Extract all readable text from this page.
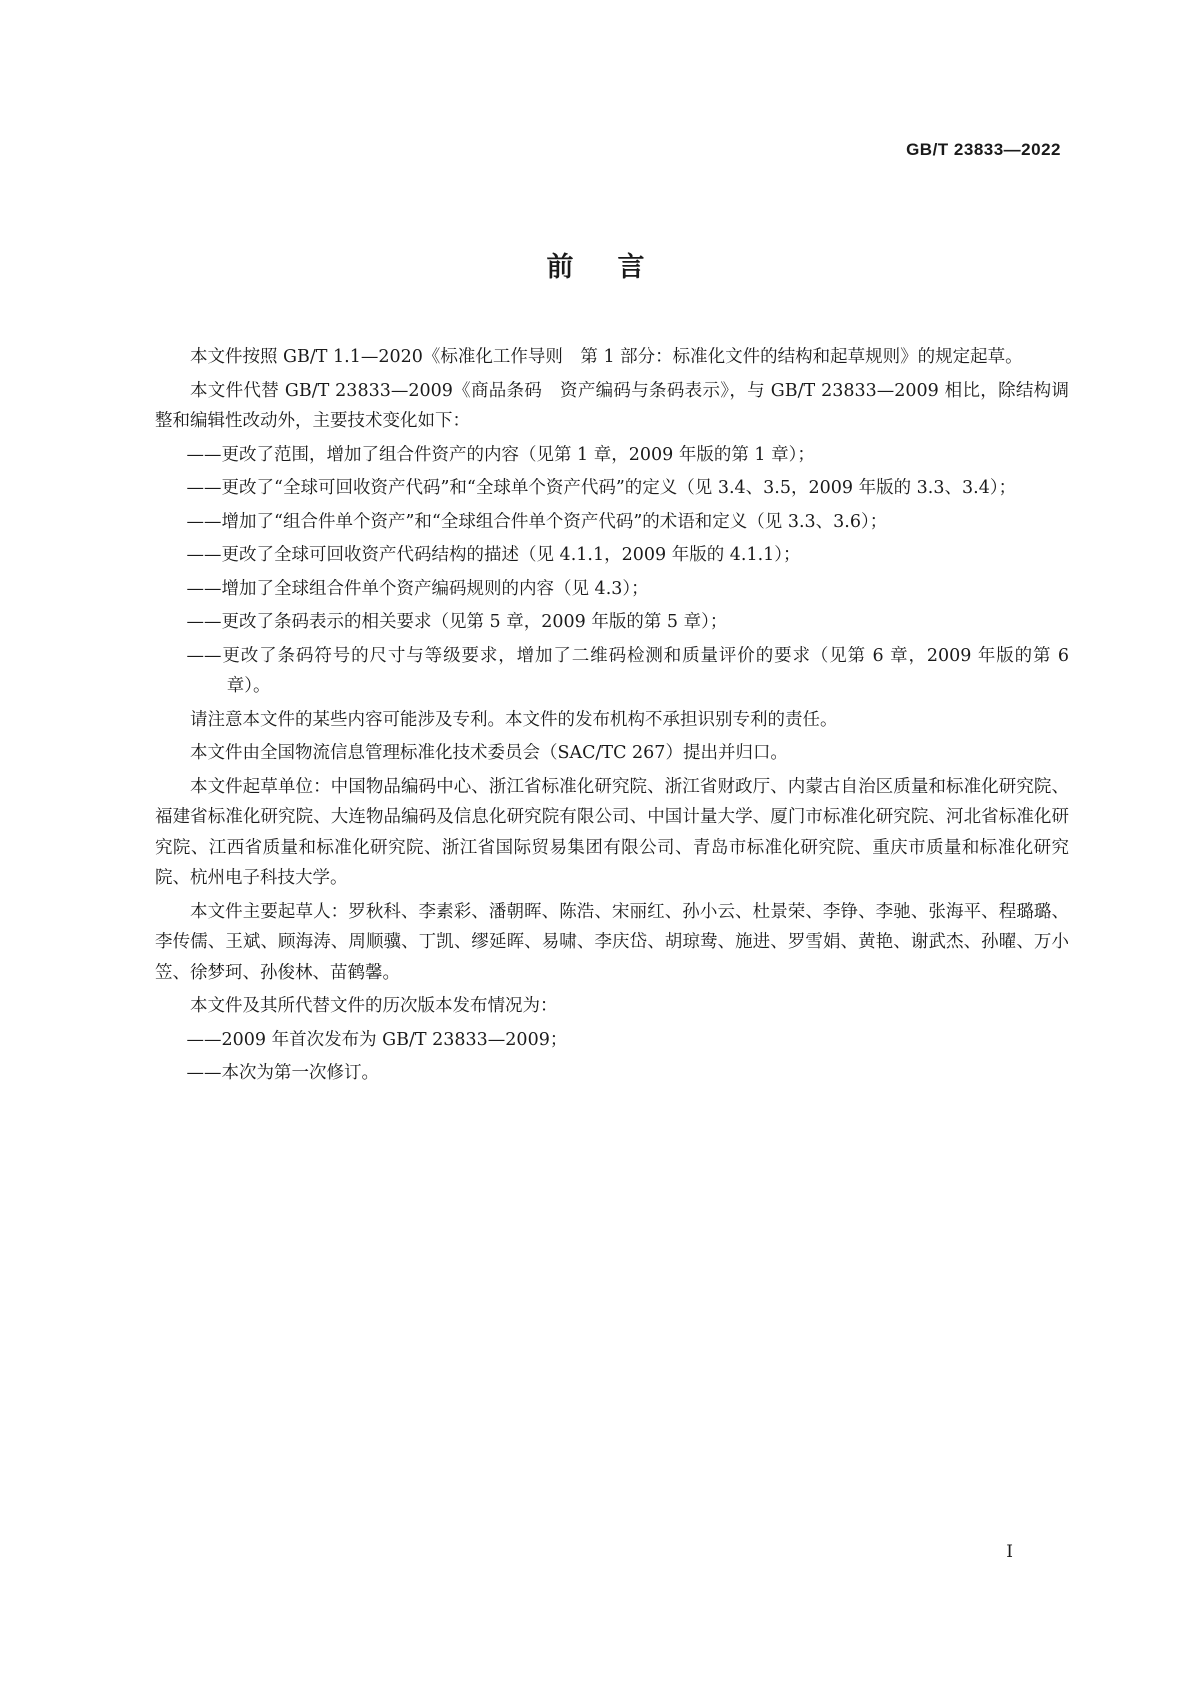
GB/T 23833—2022
前言

本文件按照 GB/T 1.1—2020《标准化工作导则　第 1 部分：标准化文件的结构和起草规则》的规定起草。

本文件代替 GB/T 23833—2009《商品条码　资产编码与条码表示》，与 GB/T 23833—2009 相比，除结构调整和编辑性改动外，主要技术变化如下：

——更改了范围，增加了组合件资产的内容（见第 1 章，2009 年版的第 1 章）；

——更改了“全球可回收资产代码”和“全球单个资产代码”的定义（见 3.4、3.5，2009 年版的 3.3、3.4）；

——增加了“组合件单个资产”和“全球组合件单个资产代码”的术语和定义（见 3.3、3.6）；

——更改了全球可回收资产代码结构的描述（见 4.1.1，2009 年版的 4.1.1）；

——增加了全球组合件单个资产编码规则的内容（见 4.3）；

——更改了条码表示的相关要求（见第 5 章，2009 年版的第 5 章）；

——更改了条码符号的尺寸与等级要求，增加了二维码检测和质量评价的要求（见第 6 章，2009 年版的第 6 章）。

请注意本文件的某些内容可能涉及专利。本文件的发布机构不承担识别专利的责任。

本文件由全国物流信息管理标准化技术委员会（SAC/TC 267）提出并归口。

本文件起草单位：中国物品编码中心、浙江省标准化研究院、浙江省财政厅、内蒙古自治区质量和标准化研究院、福建省标准化研究院、大连物品编码及信息化研究院有限公司、中国计量大学、厦门市标准化研究院、河北省标准化研究院、江西省质量和标准化研究院、浙江省国际贸易集团有限公司、青岛市标准化研究院、重庆市质量和标准化研究院、杭州电子科技大学。

本文件主要起草人：罗秋科、李素彩、潘朝晖、陈浩、宋丽红、孙小云、杜景荣、李铮、李驰、张海平、程璐璐、李传儒、王斌、顾海涛、周顺骥、丁凯、缪延晖、易啸、李庆岱、胡琼鸯、施进、罗雪娟、黄艳、谢武杰、孙曜、万小笠、徐梦珂、孙俊林、苗鹤馨。

本文件及其所代替文件的历次版本发布情况为：

——2009 年首次发布为 GB/T 23833—2009；

——本次为第一次修订。

I
